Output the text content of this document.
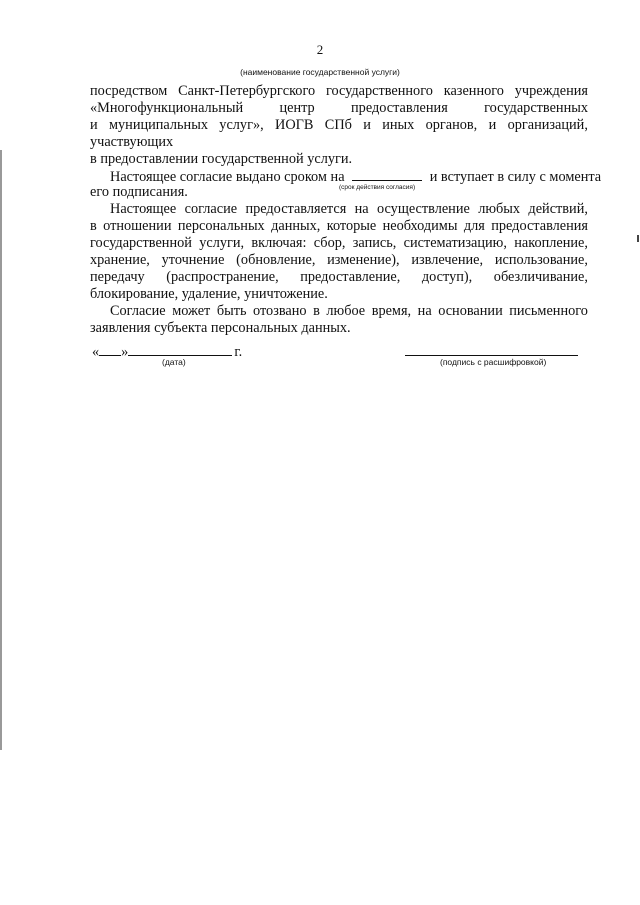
2
(наименование государственной услуги)
посредством Санкт-Петербургского государственного казенного учреждения
«Многофункциональный	центр	предоставления	государственных
и муниципальных услуг», ИОГВ СПб и иных органов, и организаций,
участвующих
в предоставлении государственной услуги.
Настоящее согласие выдано сроком на	и вступает в силу с момента
его подписания.	(срок действия согласия)
Настоящее согласие предоставляется на осуществление любых действий,
в отношении персональных данных, которые необходимы для предоставления
государственной услуги, включая: сбор, запись, систематизацию, накопление,
хранение, уточнение (обновление, изменение), извлечение, использование,
передачу (распространение, предоставление, доступ), обезличивание,
блокирование, удаление, уничтожение.
Согласие может быть отозвано в любое время, на основании письменного
заявления субъекта персональных данных.
« »	г.
(дата)	(подпись с расшифровкой)
